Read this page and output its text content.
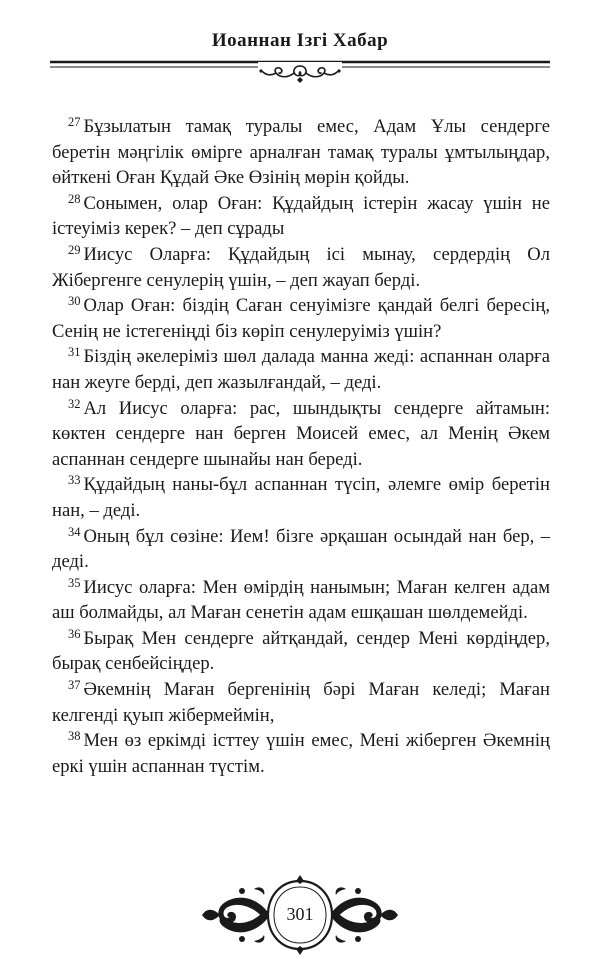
Иоаннан Ізгі Хабар

$^{27}$ Бұзылатын тамақ туралы емес, Адам Ұлы сендерге беретін мәңгілік өмірге арналған тамақ туралы ұмтылыңдар, өйткені Оған Құдай Әке Өзінің мөрін қойды.

$^{28}$ Сонымен, олар Оған: Құдайдың істерін жасау үшін не істеуіміз керек? – деп сұрады

$^{29}$ Иисус Оларға: Құдайдың ісі мынау, сердердің Ол Жібергенге сенулерің үшін, – деп жауап берді.

$^{30}$ Олар Оған: біздің Саған сенуімізге қандай белгі бересің, Сенің не істегеніңді біз көріп сенулеруіміз үшін?

$^{31}$ Біздің әкелеріміз шөл далада манна жеді: аспаннан оларға нан жеуге берді, деп жазылғандай, – деді.

$^{32}$ Ал Иисус оларға: рас, шындықты сендерге айтамын: көктен сендерге нан берген Моисей емес, ал Менің Әкем аспаннан сендерге шынайы нан береді.

$^{33}$ Құдайдың наны-бұл аспаннан түсіп, әлемге өмір беретін нан, – деді.

$^{34}$ Оның бұл сөзіне: Ием! бізге әрқашан осындай нан бер, – деді.

$^{35}$ Иисус оларға: Мен өмірдің нанымын; Маған келген адам аш болмайды, ал Маған сенетін адам ешқашан шөлдемейді.

$^{36}$ Бырақ Мен сендерге айтқандай, сендер Мені көрдіңдер, бырақ сенбейсіңдер.

$^{37}$ Әкемнің Маған бергенінің бәрі Маған келеді; Маған келгенді қуып жібермеймін,

$^{38}$ Мен өз еркімді істтеу үшін емес, Мені жіберген Әкемнің еркі үшін аспаннан түстім.

301
